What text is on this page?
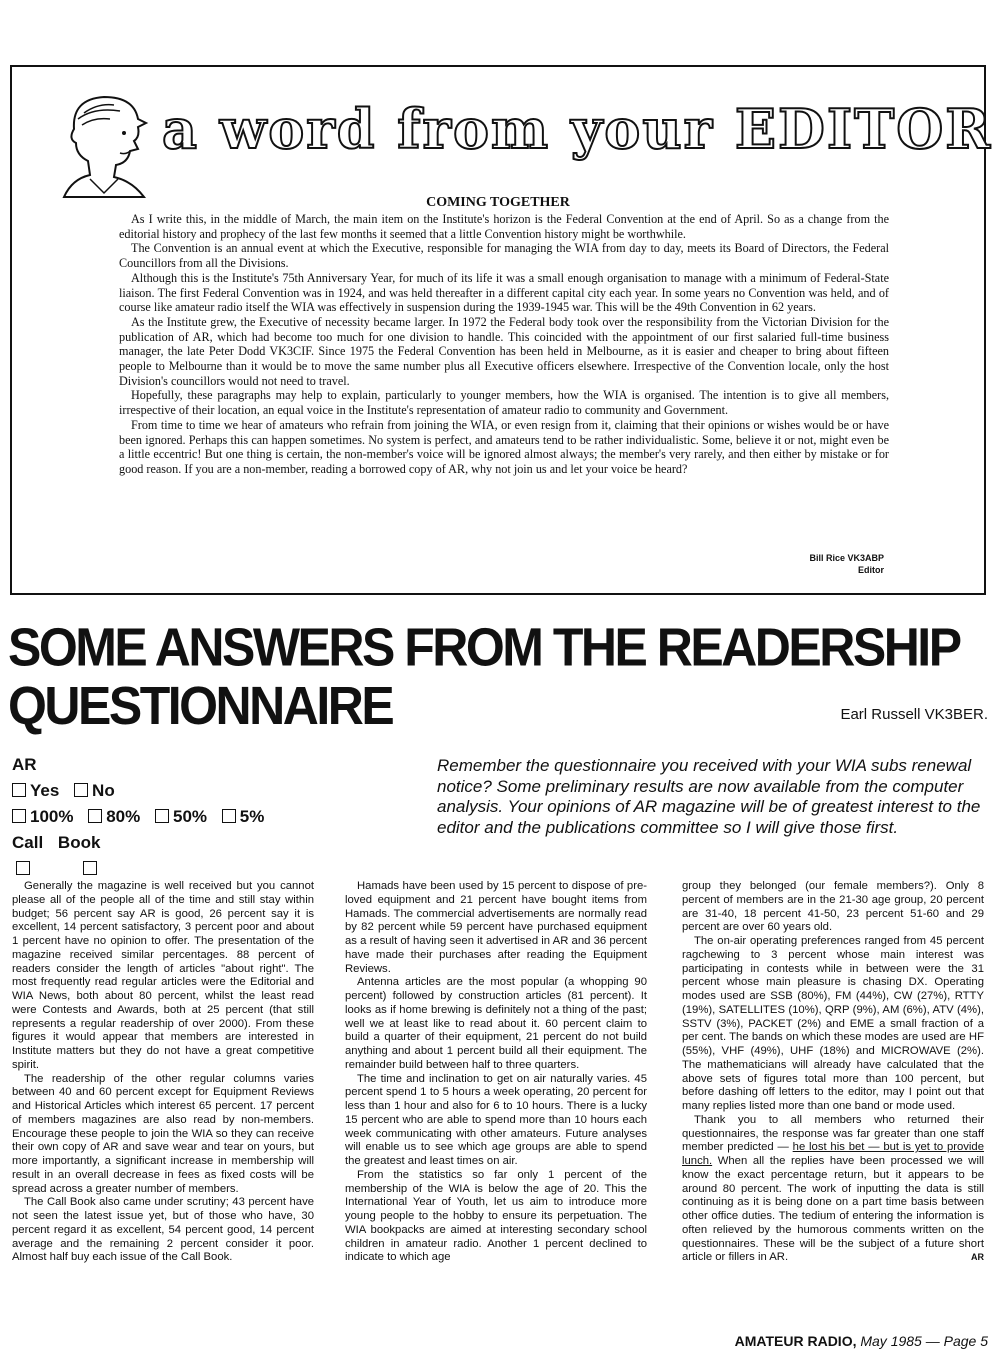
a word from your EDITOR
COMING TOGETHER

As I write this, in the middle of March, the main item on the Institute's horizon is the Federal Convention at the end of April. So as a change from the editorial history and prophecy of the last few months it seemed that a little Convention history might be worthwhile.

The Convention is an annual event at which the Executive, responsible for managing the WIA from day to day, meets its Board of Directors, the Federal Councillors from all the Divisions.

Although this is the Institute's 75th Anniversary Year, for much of its life it was a small enough organisation to manage with a minimum of Federal-State liaison. The first Federal Convention was in 1924, and was held thereafter in a different capital city each year. In some years no Convention was held, and of course like amateur radio itself the WIA was effectively in suspension during the 1939-1945 war. This will be the 49th Convention in 62 years.

As the Institute grew, the Executive of necessity became larger. In 1972 the Federal body took over the responsibility from the Victorian Division for the publication of AR, which had become too much for one division to handle. This coincided with the appointment of our first salaried full-time business manager, the late Peter Dodd VK3CIF. Since 1975 the Federal Convention has been held in Melbourne, as it is easier and cheaper to bring about fifteen people to Melbourne than it would be to move the same number plus all Executive officers elsewhere. Irrespective of the Convention locale, only the host Division's councillors would not need to travel.

Hopefully, these paragraphs may help to explain, particularly to younger members, how the WIA is organised. The intention is to give all members, irrespective of their location, an equal voice in the Institute's representation of amateur radio to community and Government.

From time to time we hear of amateurs who refrain from joining the WIA, or even resign from it, claiming that their opinions or wishes would be or have been ignored. Perhaps this can happen sometimes. No system is perfect, and amateurs tend to be rather individualistic. Some, believe it or not, might even be a little eccentric! But one thing is certain, the non-member's voice will be ignored almost always; the member's very rarely, and then either by mistake or for good reason. If you are a non-member, reading a borrowed copy of AR, why not join us and let your voice be heard?

Bill Rice VK3ABP
Editor
SOME ANSWERS FROM THE READERSHIP QUESTIONNAIRE	Earl Russell VK3BER.
AR
Yes No
100% 80% 50% 5%
Call Book

Remember the questionnaire you received with your WIA subs renewal notice? Some preliminary results are now available from the computer analysis. Your opinions of AR magazine will be of greatest interest to the editor and the publications committee so I will give those first.

Generally the magazine is well received but you cannot please all of the people all of the time and still stay within budget; 56 percent say AR is good, 26 percent say it is excellent, 14 percent satisfactory, 3 percent poor and about 1 percent have no opinion to offer. The presentation of the magazine received similar percentages. 88 percent of readers consider the length of articles "about right". The most frequently read regular articles were the Editorial and WIA News, both about 80 percent, whilst the least read were Contests and Awards, both at 25 percent (that still represents a regular readership of over 2000). From these figures it would appear that members are interested in Institute matters but they do not have a great competitive spirit.

The readership of the other regular columns varies between 40 and 60 percent except for Equipment Reviews and Historical Articles which interest 65 percent. 17 percent of members magazines are also read by non-members. Encourage these people to join the WIA so they can receive their own copy of AR and save wear and tear on yours, but more importantly, a significant increase in membership will result in an overall decrease in fees as fixed costs will be spread across a greater number of members.

The Call Book also came under scrutiny; 43 percent have not seen the latest issue yet, but of those who have, 30 percent regard it as excellent, 54 percent good, 14 percent average and the remaining 2 percent consider it poor. Almost half buy each issue of the Call Book.

Hamads have been used by 15 percent to dispose of pre-loved equipment and 21 percent have bought items from Hamads. The commercial advertisements are normally read by 82 percent while 59 percent have purchased equipment as a result of having seen it advertised in AR and 36 percent have made their purchases after reading the Equipment Reviews.

Antenna articles are the most popular (a whopping 90 percent) followed by construction articles (81 percent). It looks as if home brewing is definitely not a thing of the past; well we at least like to read about it. 60 percent claim to build a quarter of their equipment, 21 percent do not build anything and about 1 percent build all their equipment. The remainder build between half to three quarters.

The time and inclination to get on air naturally varies. 45 percent spend 1 to 5 hours a week operating, 20 percent for less than 1 hour and also for 6 to 10 hours. There is a lucky 15 percent who are able to spend more than 10 hours each week communicating with other amateurs. Future analyses will enable us to see which age groups are able to spend the greatest and least times on air.

From the statistics so far only 1 percent of the membership of the WIA is below the age of 20. This the International Year of Youth, let us aim to introduce more young people to the hobby to ensure its perpetuation. The WIA bookpacks are aimed at interesting secondary school children in amateur radio. Another 1 percent declined to indicate to which age

group they belonged (our female members?). Only 8 percent of members are in the 21-30 age group, 20 percent are 31-40, 18 percent 41-50, 23 percent 51-60 and 29 percent are over 60 years old.

The on-air operating preferences ranged from 45 percent ragchewing to 3 percent whose main interest was participating in contests while in between were the 31 percent whose main pleasure is chasing DX. Operating modes used are SSB (80%), FM (44%), CW (27%), RTTY (19%), SATELLITES (10%), QRP (9%), AM (6%), ATV (4%), SSTV (3%), PACKET (2%) and EME a small fraction of a per cent. The bands on which these modes are used are HF (55%), VHF (49%), UHF (18%) and MICROWAVE (2%). The mathematicians will already have calculated that the above sets of figures total more than 100 percent, but before dashing off letters to the editor, may I point out that many replies listed more than one band or mode used.

Thank you to all members who returned their questionnaires, the response was far greater than one staff member predicted — he lost his bet — but is yet to provide lunch. When all the replies have been processed we will know the exact percentage return, but it appears to be around 80 percent. The work of inputting the data is still continuing as it is being done on a part time basis between other office duties. The tedium of entering the information is often relieved by the humorous comments written on the questionnaires. These will be the subject of a future short article or fillers in AR.	AR

AMATEUR RADIO, May 1985 — Page 5
